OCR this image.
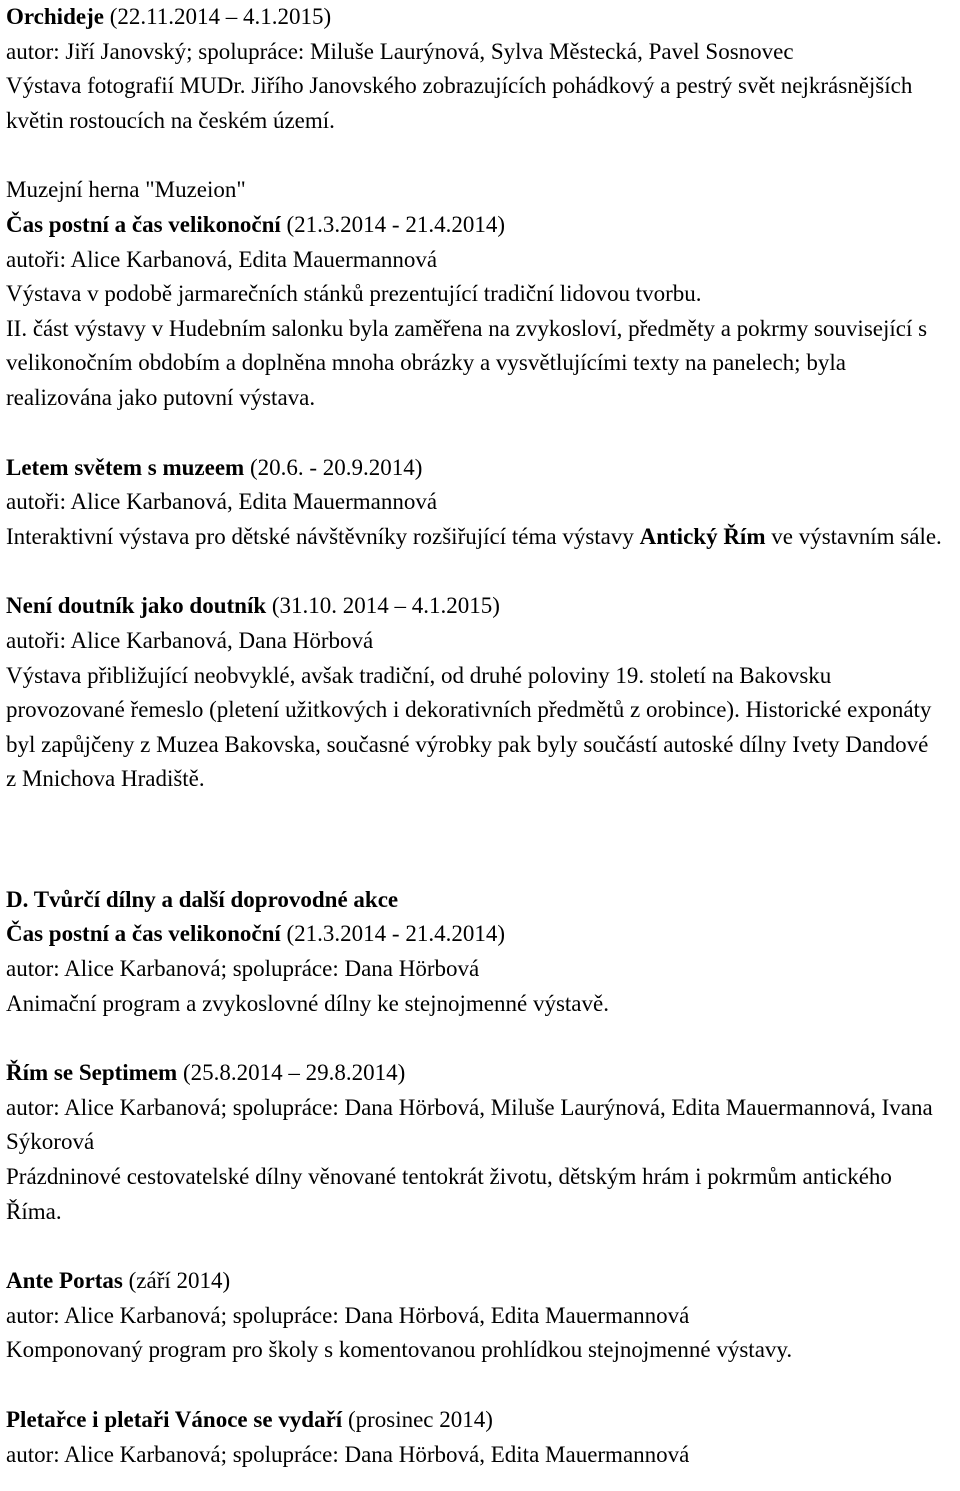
Orchideje (22.11.2014 – 4.1.2015)

autor: Jiří Janovský; spolupráce: Miluše Laurýnová, Sylva Městecká, Pavel Sosnovec

Výstava fotografií MUDr. Jiřího Janovského zobrazujících pohádkový a pestrý svět nejkrásnějších květin rostoucích na českém území.

Muzejní herna "Muzeion"

Čas postní a čas velikonoční (21.3.2014 - 21.4.2014)

autoři: Alice Karbanová, Edita Mauermannová

Výstava v podobě jarmarečních stánků prezentující tradiční lidovou tvorbu.

II. část výstavy v Hudebním salonku byla zaměřena na zvykosloví, předměty a pokrmy související s velikonočním obdobím a doplněna mnoha obrázky a vysvětlujícími texty na panelech; byla realizována jako putovní výstava.

Letem světem s muzeem (20.6. - 20.9.2014)

autoři: Alice Karbanová, Edita Mauermannová

Interaktivní výstava pro dětské návštěvníky rozšiřující téma výstavy Antický Řím ve výstavním sále.

Není doutník jako doutník (31.10. 2014 – 4.1.2015)

autoři: Alice Karbanová, Dana Hörbová

Výstava přibližující neobvyklé, avšak tradiční, od druhé poloviny 19. století na Bakovsku provozované řemeslo (pletení užitkových i dekorativních předmětů z orobince). Historické exponáty byl zapůjčeny z Muzea Bakovska, současné výrobky pak byly součástí autoské dílny Ivety Dandové z Mnichova Hradiště.

D. Tvůrčí dílny a další doprovodné akce

Čas postní a čas velikonoční (21.3.2014 - 21.4.2014)

autor: Alice Karbanová; spolupráce: Dana Hörbová

Animační program a zvykoslovné dílny ke stejnojmenné výstavě.

Řím se Septimem (25.8.2014 – 29.8.2014)

autor: Alice Karbanová; spolupráce: Dana Hörbová, Miluše Laurýnová, Edita Mauermannová, Ivana Sýkorová

Prázdninové cestovatelské dílny věnované tentokrát životu, dětským hrám i pokrmům antického Říma.

Ante Portas (září 2014)

autor: Alice Karbanová; spolupráce: Dana Hörbová, Edita Mauermannová

Komponovaný program pro školy s komentovanou prohlídkou stejnojmenné výstavy.

Pletařce i pletaři Vánoce se vydaří (prosinec 2014)

autor: Alice Karbanová; spolupráce: Dana Hörbová, Edita Mauermannová
